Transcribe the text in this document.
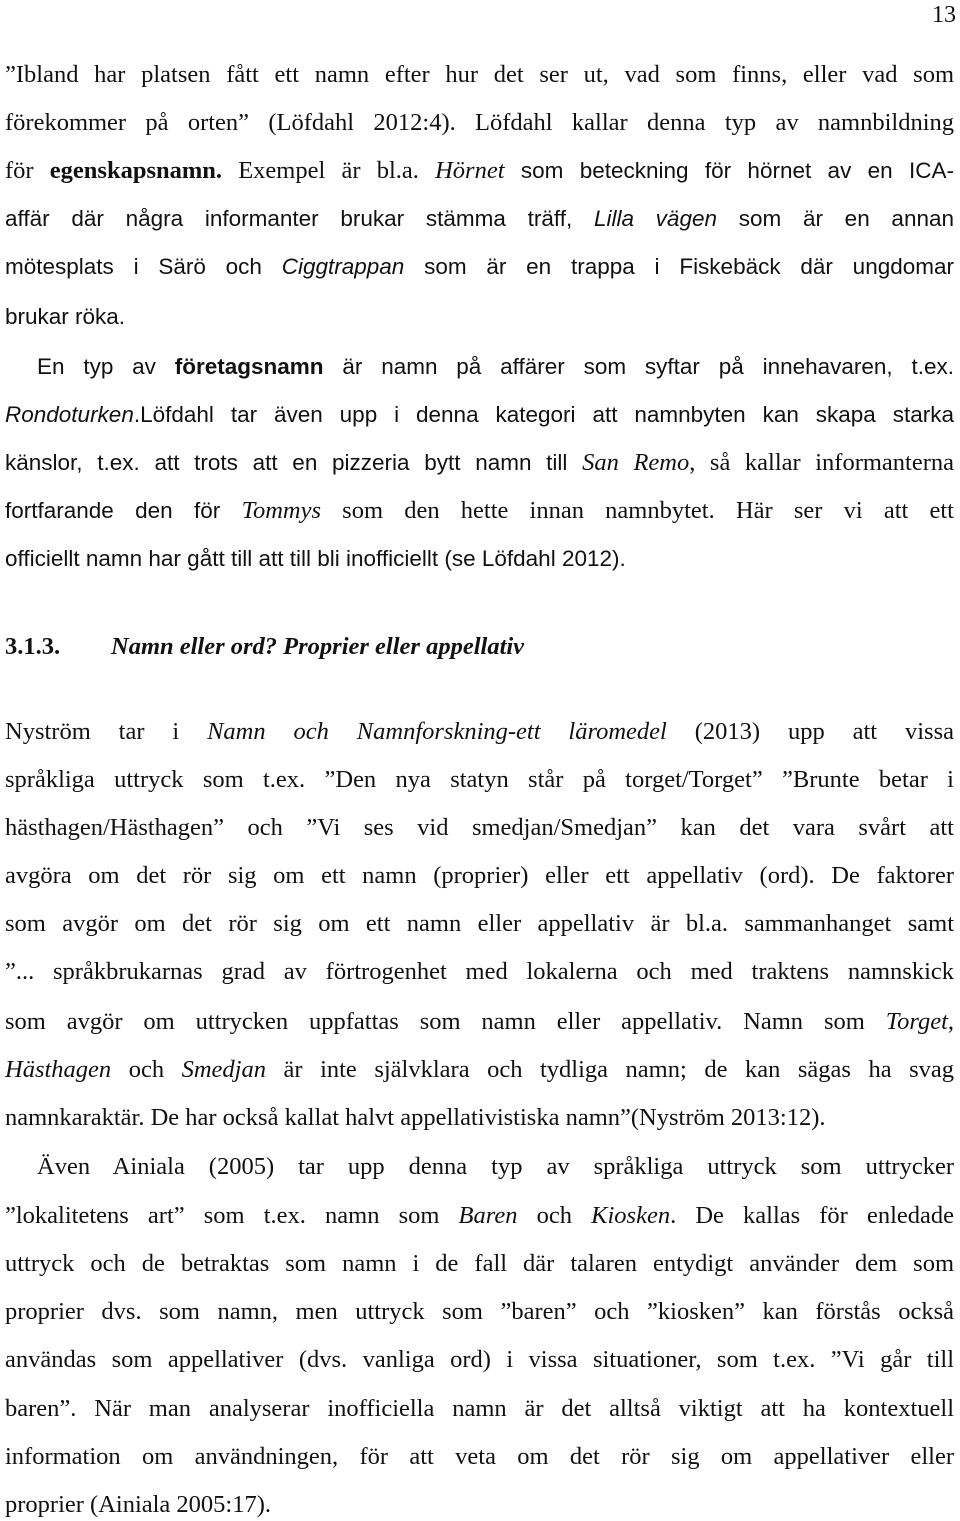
13
”Ibland har platsen fått ett namn efter hur det ser ut, vad som finns, eller vad som
förekommer på orten” (Löfdahl 2012:4). Löfdahl kallar denna typ av namnbildning
för egenskapsnamn. Exempel är bl.a. Hörnet som beteckning för hörnet av en ICA-
affär där några informanter brukar stämma träff, Lilla vägen som är en annan
mötesplats i Särö och Ciggtrappan som är en trappa i Fiskebäck där ungdomar
brukar röka.
En typ av företagsnamn är namn på affärer som syftar på innehavaren, t.ex.
Rondoturken.Löfdahl tar även upp i denna kategori att namnbyten kan skapa starka
känslor, t.ex. att trots att en pizzeria bytt namn till San Remo, så kallar informanterna
fortfarande den för Tommys som den hette innan namnbytet. Här ser vi att ett
officiellt namn har gått till att till bli inofficiellt (se Löfdahl 2012).
3.1.3. Namn eller ord? Proprier eller appellativ
Nyström tar i Namn och Namnforskning-ett läromedel (2013) upp att vissa
språkliga uttryck som t.ex. ”Den nya statyn står på torget/Torget” ”Brunte betar i
hästhagen/Hästhagen” och ”Vi ses vid smedjan/Smedjan” kan det vara svårt att
avgöra om det rör sig om ett namn (proprier) eller ett appellativ (ord). De faktorer
som avgör om det rör sig om ett namn eller appellativ är bl.a. sammanhanget samt
”... språkbrukarnas grad av förtrogenhet med lokalerna och med traktens namnskick
som avgör om uttrycken uppfattas som namn eller appellativ. Namn som Torget,
Hästhagen och Smedjan är inte självklara och tydliga namn; de kan sägas ha svag
namnkaraktär. De har också kallat halvt appellativistiska namn”(Nyström 2013:12).
Även Ainiala (2005) tar upp denna typ av språkliga uttryck som uttrycker
”lokalitetens art” som t.ex. namn som Baren och Kiosken. De kallas för enledade
uttryck och de betraktas som namn i de fall där talaren entydigt använder dem som
proprier dvs. som namn, men uttryck som ”baren” och ”kiosken” kan förstås också
användas som appellativer (dvs. vanliga ord) i vissa situationer, som t.ex. ”Vi går till
baren”. När man analyserar inofficiella namn är det alltså viktigt att ha kontextuell
information om användningen, för att veta om det rör sig om appellativer eller
proprier (Ainiala 2005:17).
